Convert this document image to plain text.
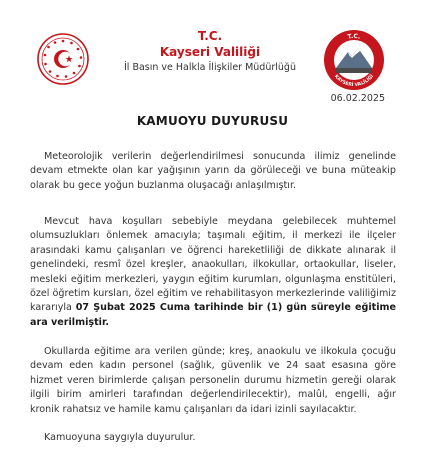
T.C.
Kayseri Valiliği
İl Basın ve Halkla İlişkiler Müdürlüğü
T.C.
KAYSERİ VALİLİĞİ
06.02.2025
KAMUOYU DUYURUSU
Meteorolojik verilerin değerlendirilmesi sonucunda ilimiz genelinde devam etmekte olan kar yağışının yarın da görüleceği ve buna müteakip olarak bu gece yoğun buzlanma oluşacağı anlaşılmıştır.
Mevcut hava koşulları sebebiyle meydana gelebilecek muhtemel olumsuzlukları önlemek amacıyla; taşımalı eğitim, il merkezi ile ilçeler arasındaki kamu çalışanları ve öğrenci hareketliliği de dikkate alınarak il genelindeki, resmî özel kreşler, anaokulları, ilkokullar, ortaokullar, liseler, mesleki eğitim merkezleri, yaygın eğitim kurumları, olgunlaşma enstitüleri, özel öğretim kursları, özel eğitim ve rehabilitasyon merkezlerinde valiliğimiz kararıyla 07 Şubat 2025 Cuma tarihinde bir (1) gün süreyle eğitime ara verilmiştir.
Okullarda eğitime ara verilen günde; kreş, anaokulu ve ilkokula çocuğu devam eden kadın personel (sağlık, güvenlik ve 24 saat esasına göre hizmet veren birimlerde çalışan personelin durumu hizmetin gereği olarak ilgili birim amirleri tarafından değerlendirilecektir), malûl, engelli, ağır kronik rahatsız ve hamile kamu çalışanları da idari izinli sayılacaktır.
Kamuoyuna saygıyla duyurulur.
